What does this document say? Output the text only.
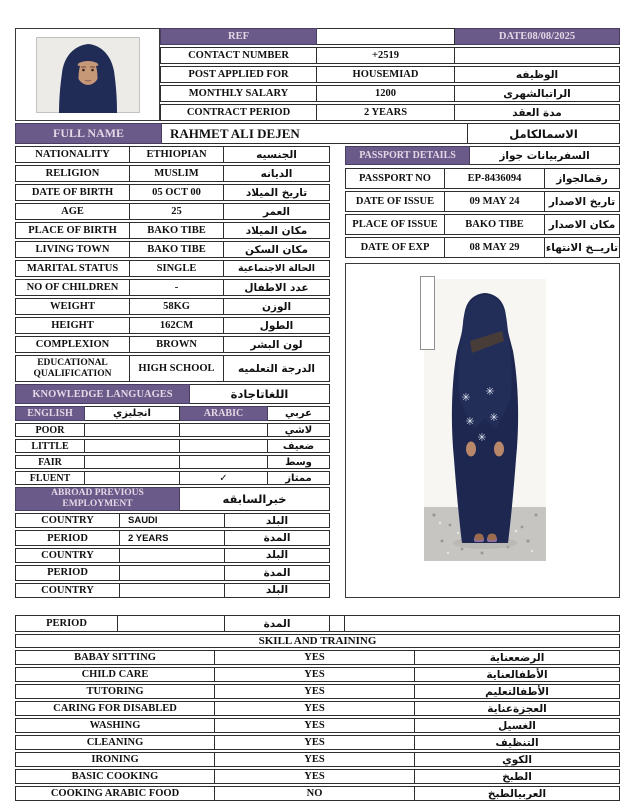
REF	DATE08/08/2025
CONTACT NUMBER	+2519
POST APPLIED FOR	HOUSEMIAD	الوظيفه
MONTHLY SALARY	1200	الراتبالشهرى
CONTRACT PERIOD	2 YEARS	مدة العقد
FULL NAME	RAHMET ALI DEJEN	الاسمالكامل
NATIONALITY	ETHIOPIAN	الجنسيه
RELIGION	MUSLIM	الديانه
DATE OF BIRTH	05 OCT 00	تاريخ الميلاد
AGE	25	العمر
PLACE OF BIRTH	BAKO TIBE	مكان الميلاد
LIVING TOWN	BAKO TIBE	مكان السكن
MARITAL STATUS	SINGLE	الحالة الاجتماعية
NO OF CHILDREN	-	عدد الاطفال
WEIGHT	58KG	الوزن
HEIGHT	162CM	الطول
COMPLEXION	BROWN	لون البشر
EDUCATIONAL QUALIFICATION	HIGH SCHOOL	الدرجة التعلميه
KNOWLEDGE LANGUAGES	اللغاتاجادة
ENGLISH	انجليزي	ARABIC	عربي
POOR	لاشي
LITTLE	ضعيف
FAIR	وسط
FLUENT	✓	ممتاز
ABROAD PREVIOUS EMPLOYMENT	خبرالسابقه
COUNTRY	SAUDI	البلد
PERIOD	2 YEARS	المدة
COUNTRY	البلد
PERIOD	المدة
COUNTRY	البلد
PASSPORT DETAILS	السفربيانات جواز
PASSPORT NO	EP-8436094	رقمالجواز
DATE OF ISSUE	09 MAY 24	تاريخ الاصدار
PLACE OF ISSUE	BAKO TIBE	مكان الاصدار
DATE OF EXP	08 MAY 29	تاريــخ الانتهاء
✳ ✳
✳
✳
✳
PERIOD	المدة
SKILL AND TRAINING
BABAY SITTING	YES	الرضععناية
CHILD CARE	YES	الأطفالعناية
TUTORING	YES	الأطفالتعليم
CARING FOR DISABLED	YES	العجزةعناية
WASHING	YES	الغسيل
CLEANING	YES	التنظيف
IRONING	YES	الكوي
BASIC COOKING	YES	الطبخ
COOKING ARABIC FOOD	NO	العربيالطبخ
